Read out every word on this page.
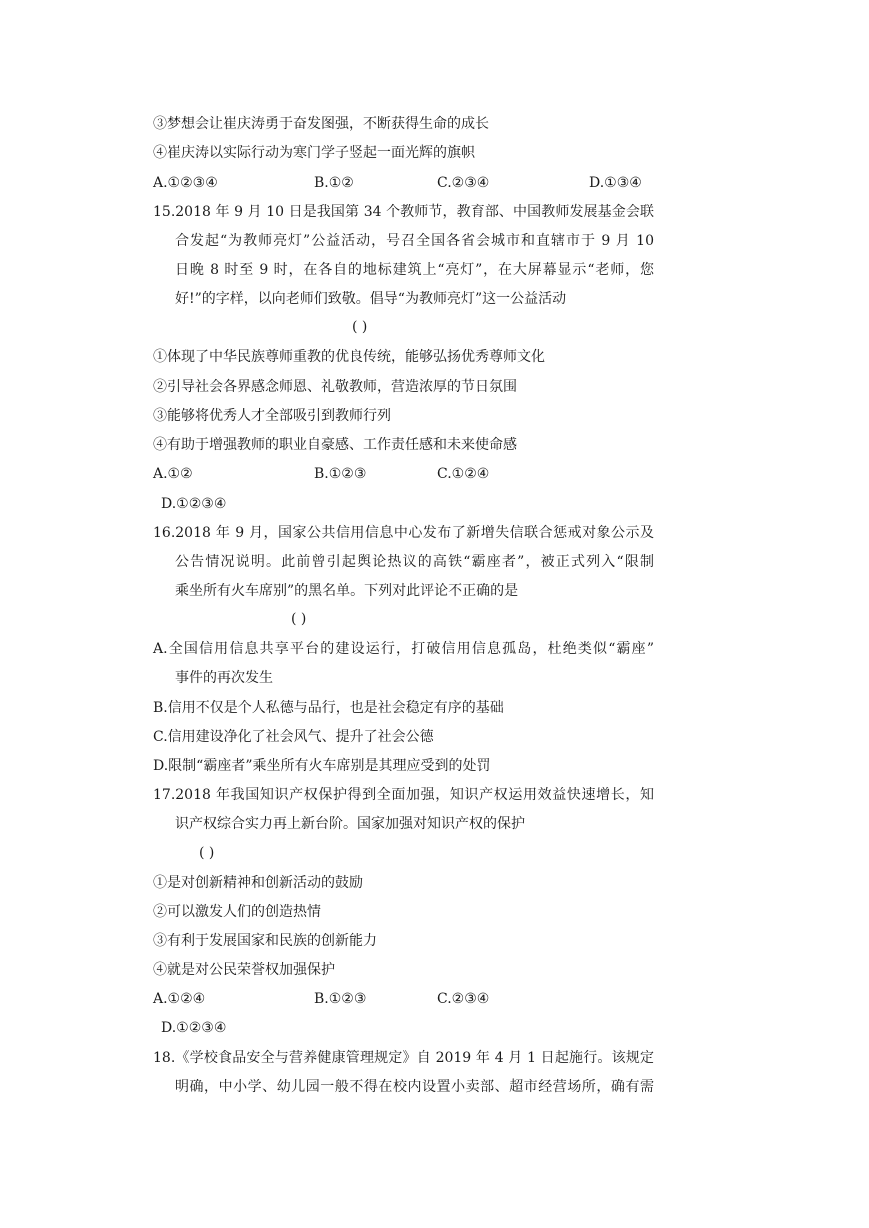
③梦想会让崔庆涛勇于奋发图强，不断获得生命的成长
④崔庆涛以实际行动为寒门学子竖起一面光辉的旗帜
A.①②③④	B.①②	C.②③④	D.①③④
15.2018 年 9 月 10 日是我国第 34 个教师节，教育部、中国教师发展基金会联
合发起“为教师亮灯”公益活动，号召全国各省会城市和直辖市于 9 月 10
日晚 8 时至 9 时，在各自的地标建筑上“亮灯”，在大屏幕显示“老师，您
好!”的字样，以向老师们致敬。倡导“为教师亮灯”这一公益活动
( )
①体现了中华民族尊师重教的优良传统，能够弘扬优秀尊师文化
②引导社会各界感念师恩、礼敬教师，营造浓厚的节日氛围
③能够将优秀人才全部吸引到教师行列
④有助于增强教师的职业自豪感、工作责任感和未来使命感
A.①②	B.①②③	C.①②④
D.①②③④
16.2018 年 9 月，国家公共信用信息中心发布了新增失信联合惩戒对象公示及
公告情况说明。此前曾引起舆论热议的高铁“霸座者”，被正式列入“限制
乘坐所有火车席别”的黑名单。下列对此评论不正确的是
( )
A.全国信用信息共享平台的建设运行，打破信用信息孤岛，杜绝类似“霸座”
事件的再次发生
B.信用不仅是个人私德与品行，也是社会稳定有序的基础
C.信用建设净化了社会风气、提升了社会公德
D.限制“霸座者”乘坐所有火车席别是其理应受到的处罚
17.2018 年我国知识产权保护得到全面加强，知识产权运用效益快速增长，知
识产权综合实力再上新台阶。国家加强对知识产权的保护
( )
①是对创新精神和创新活动的鼓励
②可以激发人们的创造热情
③有利于发展国家和民族的创新能力
④就是对公民荣誉权加强保护
A.①②④	B.①②③	C.②③④
D.①②③④
18.《学校食品安全与营养健康管理规定》自 2019 年 4 月 1 日起施行。该规定
明确，中小学、幼儿园一般不得在校内设置小卖部、超市经营场所，确有需
